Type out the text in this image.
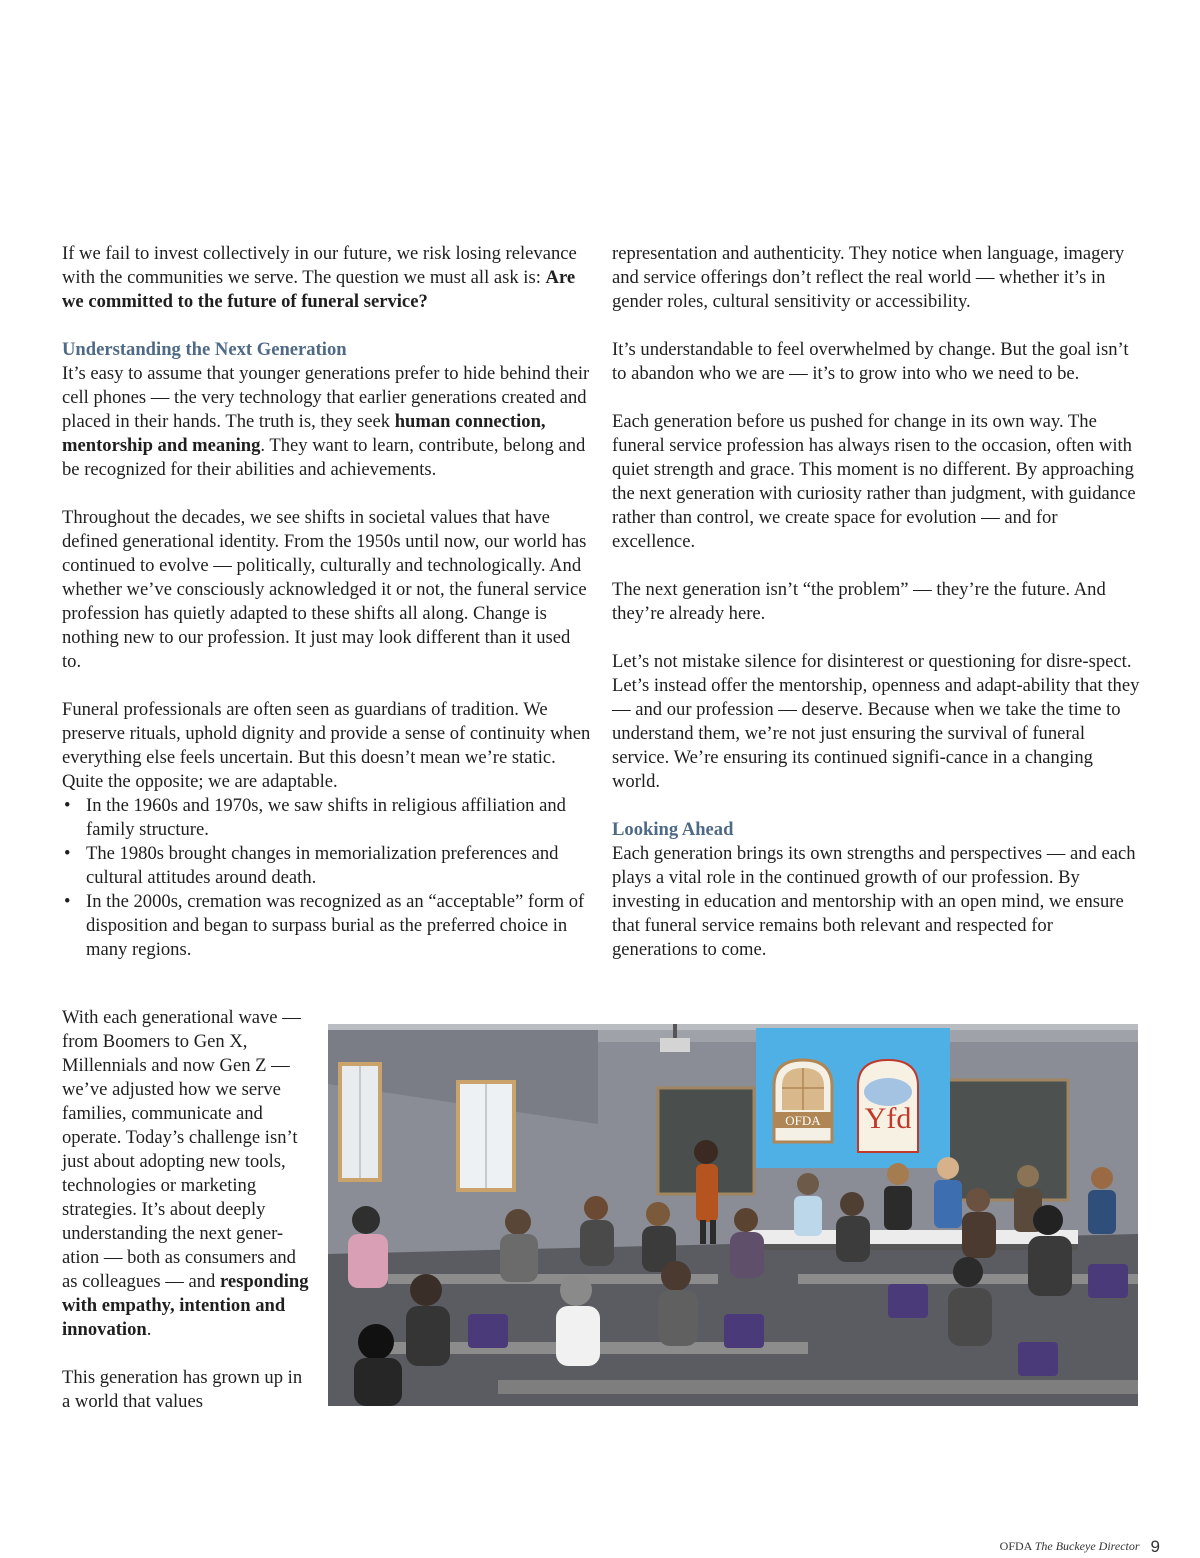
If we fail to invest collectively in our future, we risk losing relevance with the communities we serve. The question we must all ask is: Are we committed to the future of funeral service?

Understanding the Next Generation

It’s easy to assume that younger generations prefer to hide behind their cell phones — the very technology that earlier generations created and placed in their hands. The truth is, they seek human connection, mentorship and meaning. They want to learn, contribute, belong and be recognized for their abilities and achievements.

Throughout the decades, we see shifts in societal values that have defined generational identity. From the 1950s until now, our world has continued to evolve — politically, culturally and technologically. And whether we’ve consciously acknowledged it or not, the funeral service profession has quietly adapted to these shifts all along. Change is nothing new to our profession. It just may look different than it used to.

Funeral professionals are often seen as guardians of tradition. We preserve rituals, uphold dignity and provide a sense of continuity when everything else feels uncertain. But this doesn’t mean we’re static. Quite the opposite; we are adaptable.

• In the 1960s and 1970s, we saw shifts in religious affiliation and family structure.
• The 1980s brought changes in memorialization preferences and cultural attitudes around death.
• In the 2000s, cremation was recognized as an “acceptable” form of disposition and began to surpass burial as the preferred choice in many regions.

With each generational wave — from Boomers to Gen X, Millennials and now Gen Z — we’ve adjusted how we serve families, communicate and operate. Today’s challenge isn’t just about adopting new tools, technologies or marketing strategies. It’s about deeply understanding the next gener-ation — both as consumers and as colleagues — and responding with empathy, intention and innovation.

This generation has grown up in a world that values

representation and authenticity. They notice when language, imagery and service offerings don’t reflect the real world — whether it’s in gender roles, cultural sensitivity or accessibility.

It’s understandable to feel overwhelmed by change. But the goal isn’t to abandon who we are — it’s to grow into who we need to be.

Each generation before us pushed for change in its own way. The funeral service profession has always risen to the occasion, often with quiet strength and grace. This moment is no different. By approaching the next generation with curiosity rather than judgment, with guidance rather than control, we create space for evolution — and for excellence.

The next generation isn’t “the problem” — they’re the future. And they’re already here.

Let’s not mistake silence for disinterest or questioning for disre-spect. Let’s instead offer the mentorship, openness and adapt-ability that they — and our profession — deserve. Because when we take the time to understand them, we’re not just ensuring the survival of funeral service. We’re ensuring its continued signifi-cance in a changing world.

Looking Ahead

Each generation brings its own strengths and perspectives — and each plays a vital role in the continued growth of our profession. By investing in education and mentorship with an open mind, we ensure that funeral service remains both relevant and respected for generations to come.

OFDA Yfd
OFDA The Buckeye Director 9
